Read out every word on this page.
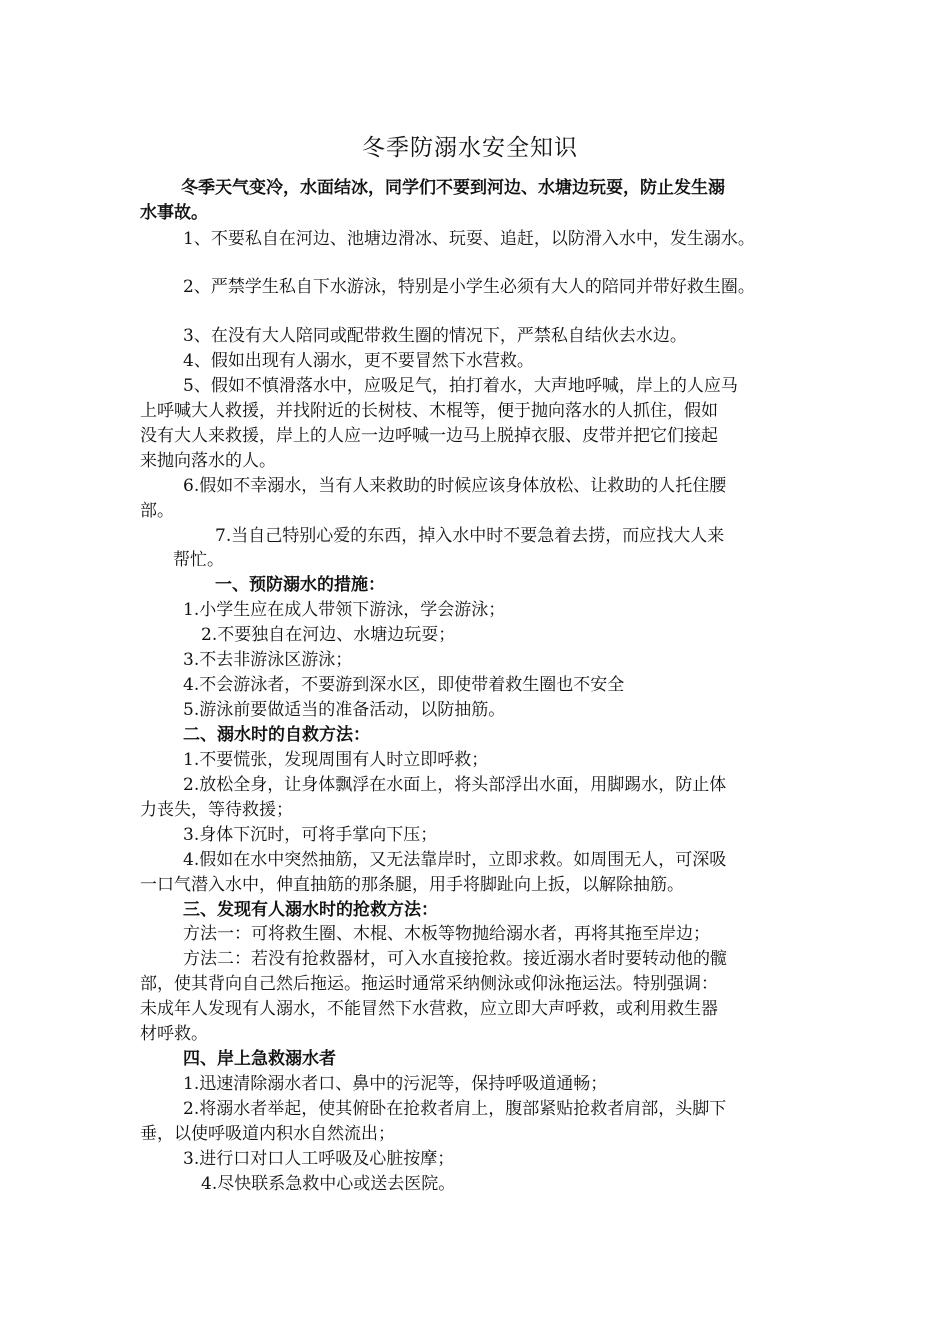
冬季防溺水安全知识
冬季天气变冷，水面结冰，同学们不要到河边、水塘边玩耍，防止发生溺
水事故。
1、不要私自在河边、池塘边滑冰、玩耍、追赶，以防滑入水中，发生溺水。
2、严禁学生私自下水游泳，特别是小学生必须有大人的陪同并带好救生圈。
3、在没有大人陪同或配带救生圈的情况下，严禁私自结伙去水边。
4、假如出现有人溺水，更不要冒然下水营救。
5、假如不慎滑落水中，应吸足气，拍打着水，大声地呼喊，岸上的人应马
上呼喊大人救援，并找附近的长树枝、木棍等，便于抛向落水的人抓住，假如
没有大人来救援，岸上的人应一边呼喊一边马上脱掉衣服、皮带并把它们接起
来抛向落水的人。
6.假如不幸溺水，当有人来救助的时候应该身体放松、让救助的人托住腰
部。
7.当自己特别心爱的东西，掉入水中时不要急着去捞，而应找大人来
帮忙。
一、预防溺水的措施：
1.小学生应在成人带领下游泳，学会游泳；
2.不要独自在河边、水塘边玩耍；
3.不去非游泳区游泳；
4.不会游泳者，不要游到深水区，即使带着救生圈也不安全
5.游泳前要做适当的准备活动，以防抽筋。
二、溺水时的自救方法：
1.不要慌张，发现周围有人时立即呼救；
2.放松全身，让身体飘浮在水面上，将头部浮出水面，用脚踢水，防止体
力丧失，等待救援；
3.身体下沉时，可将手掌向下压；
4.假如在水中突然抽筋，又无法靠岸时，立即求救。如周围无人，可深吸
一口气潜入水中，伸直抽筋的那条腿，用手将脚趾向上扳，以解除抽筋。
三、发现有人溺水时的抢救方法：
方法一：可将救生圈、木棍、木板等物抛给溺水者，再将其拖至岸边；
方法二：若没有抢救器材，可入水直接抢救。接近溺水者时要转动他的髋
部，使其背向自己然后拖运。拖运时通常采纳侧泳或仰泳拖运法。特别强调：
未成年人发现有人溺水，不能冒然下水营救，应立即大声呼救，或利用救生器
材呼救。
四、岸上急救溺水者
1.迅速清除溺水者口、鼻中的污泥等，保持呼吸道通畅；
2.将溺水者举起，使其俯卧在抢救者肩上，腹部紧贴抢救者肩部，头脚下
垂，以使呼吸道内积水自然流出；
3.进行口对口人工呼吸及心脏按摩；
4.尽快联系急救中心或送去医院。
